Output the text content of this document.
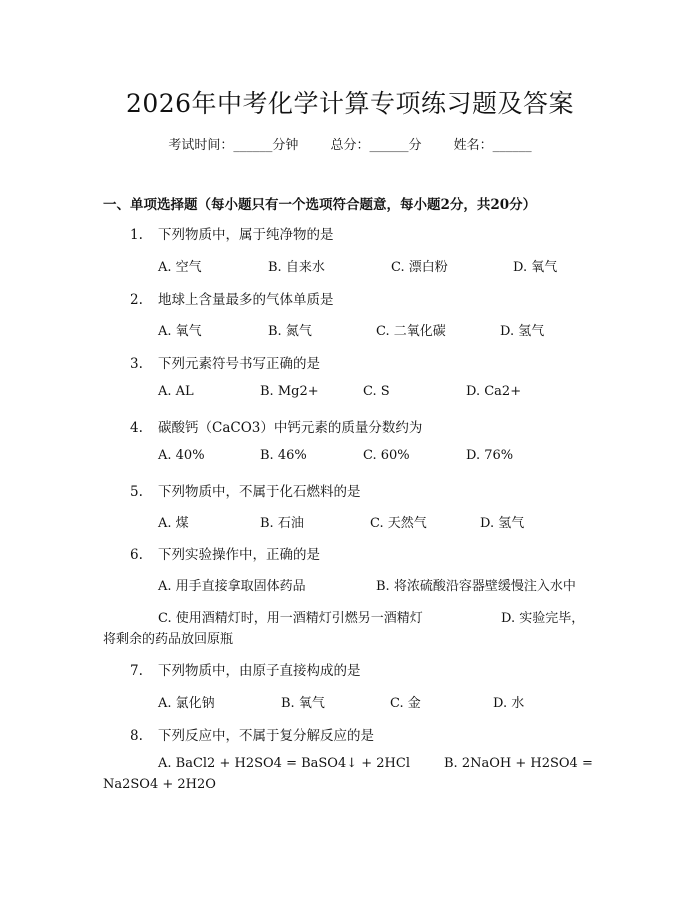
2026年中考化学计算专项练习题及答案
考试时间：______分钟 总分：______分 姓名：______
一、单项选择题（每小题只有一个选项符合题意，每小题2分，共20分）
1. 下列物质中，属于纯净物的是
A. 空气	B. 自来水	C. 漂白粉	D. 氧气
2. 地球上含量最多的气体单质是
A. 氧气	B. 氮气	C. 二氧化碳	D. 氢气
3. 下列元素符号书写正确的是
A. AL	B. Mg2+	C. S	D. Ca2+
4. 碳酸钙（CaCO3）中钙元素的质量分数约为
A. 40%	B. 46%	C. 60%	D. 76%
5. 下列物质中，不属于化石燃料的是
A. 煤	B. 石油	C. 天然气	D. 氢气
6. 下列实验操作中，正确的是
A. 用手直接拿取固体药品	B. 将浓硫酸沿容器壁缓慢注入水中
C. 使用酒精灯时，用一酒精灯引燃另一酒精灯	D. 实验完毕，
将剩余的药品放回原瓶
7. 下列物质中，由原子直接构成的是
A. 氯化钠	B. 氧气	C. 金	D. 水
8. 下列反应中，不属于复分解反应的是
A. BaCl2 + H2SO4 = BaSO4↓ + 2HCl	B. 2NaOH + H2SO4 =
Na2SO4 + 2H2O
